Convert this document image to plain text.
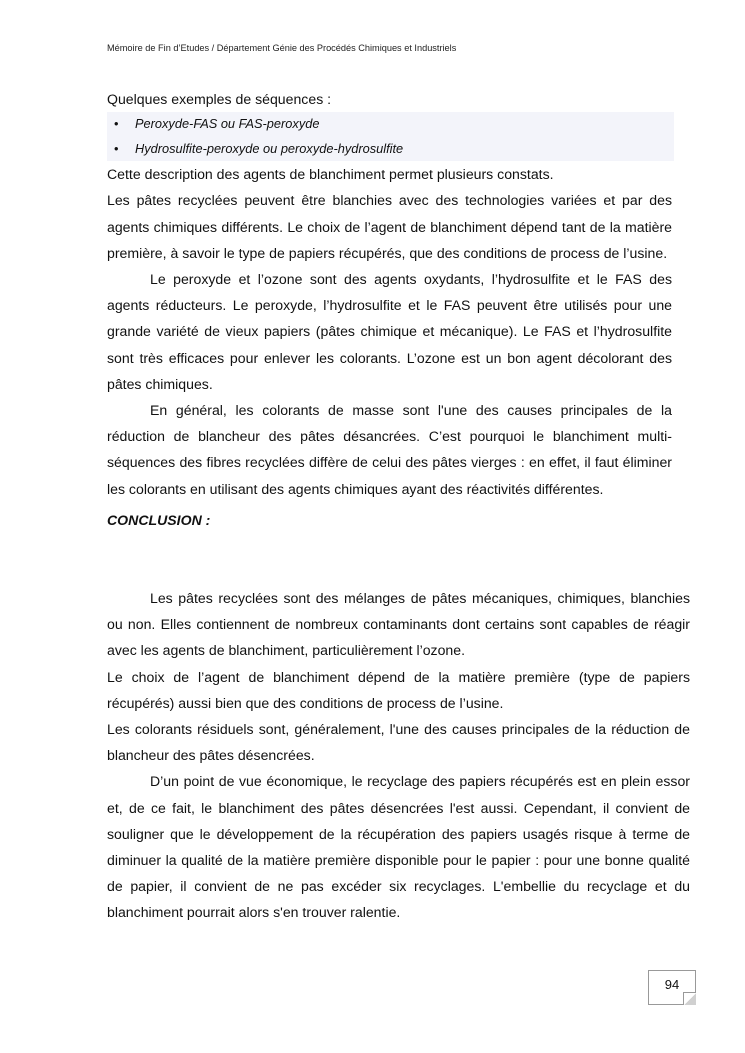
Mémoire de Fin d’Etudes / Département Génie des Procédés Chimiques et Industriels

Quelques exemples de séquences :

• Peroxyde-FAS ou FAS-peroxyde
• Hydrosulfite-peroxyde ou peroxyde-hydrosulfite

Cette description des agents de blanchiment permet plusieurs constats.

Les pâtes recyclées peuvent être blanchies avec des technologies variées et par des agents chimiques différents. Le choix de l’agent de blanchiment dépend tant de la matière première, à savoir le type de papiers récupérés, que des conditions de process de l’usine.

Le peroxyde et l’ozone sont des agents oxydants, l’hydrosulfite et le FAS des agents réducteurs. Le peroxyde, l’hydrosulfite et le FAS peuvent être utilisés pour une grande variété de vieux papiers (pâtes chimique et mécanique). Le FAS et l’hydrosulfite sont très efficaces pour enlever les colorants. L’ozone est un bon agent décolorant des pâtes chimiques.

En général, les colorants de masse sont l'une des causes principales de la réduction de blancheur des pâtes désancrées. C’est pourquoi le blanchiment multi-séquences des fibres recyclées diffère de celui des pâtes vierges : en effet, il faut éliminer les colorants en utilisant des agents chimiques ayant des réactivités différentes.

CONCLUSION :

Les pâtes recyclées sont des mélanges de pâtes mécaniques, chimiques, blanchies ou non. Elles contiennent de nombreux contaminants dont certains sont capables de réagir avec les agents de blanchiment, particulièrement l’ozone.

Le choix de l’agent de blanchiment dépend de la matière première (type de papiers récupérés) aussi bien que des conditions de process de l’usine.

Les colorants résiduels sont, généralement, l'une des causes principales de la réduction de blancheur des pâtes désencrées.

D’un point de vue économique, le recyclage des papiers récupérés est en plein essor et, de ce fait, le blanchiment des pâtes désencrées l'est aussi. Cependant, il convient de souligner que le développement de la récupération des papiers usagés risque à terme de diminuer la qualité de la matière première disponible pour le papier : pour une bonne qualité de papier, il convient de ne pas excéder six recyclages. L'embellie du recyclage et du blanchiment pourrait alors s'en trouver ralentie.

94
